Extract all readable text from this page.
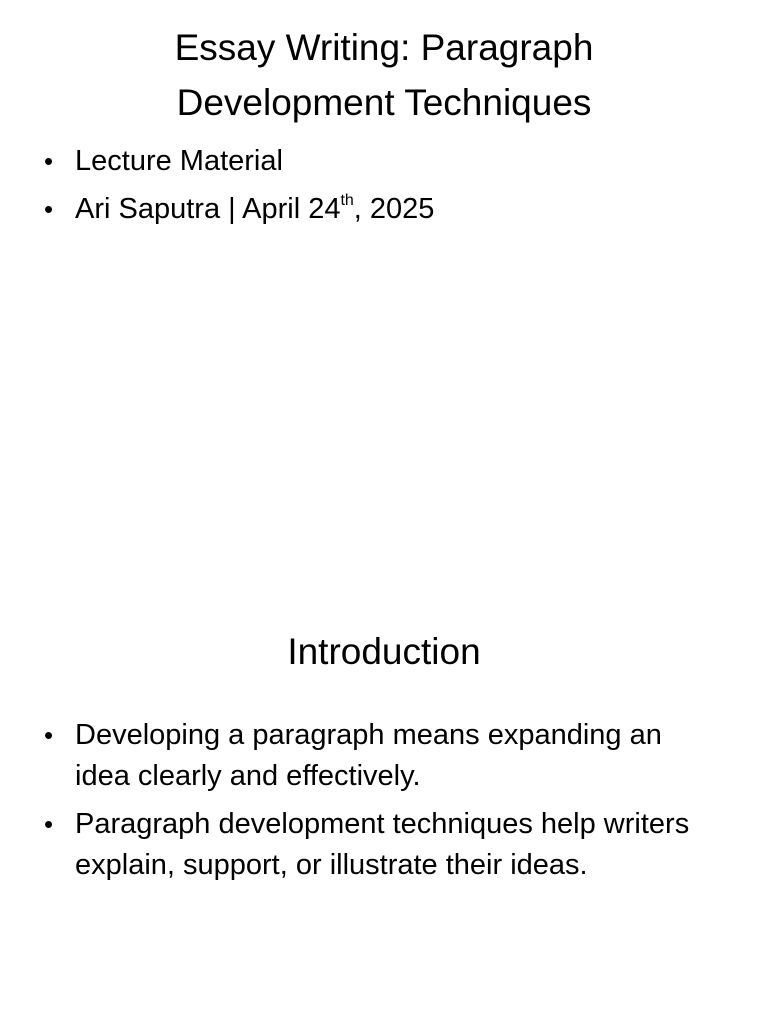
Essay Writing: Paragraph
Development Techniques
• Lecture Material
• Ari Saputra | April 24th, 2025
Introduction
• Developing a paragraph means expanding an idea clearly and effectively.
• Paragraph development techniques help writers explain, support, or illustrate their ideas.
